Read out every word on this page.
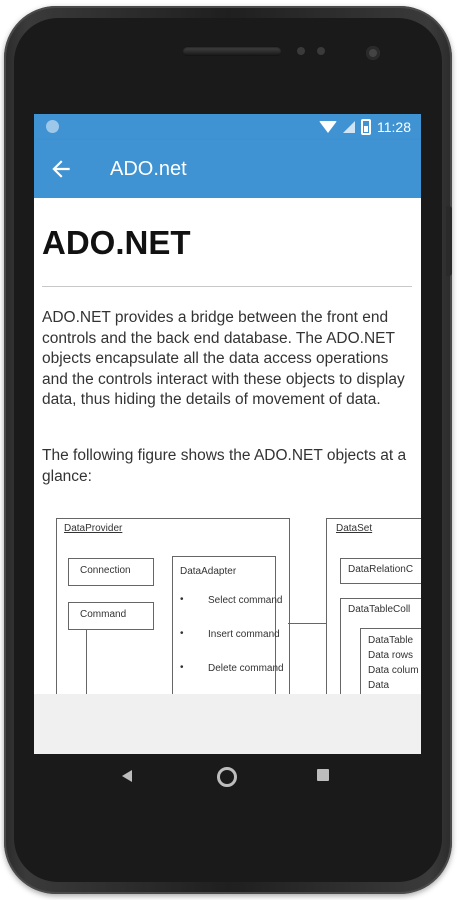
11:28
ADO.net
ADO.NET
ADO.NET provides a bridge between the front end controls and the back end database. The ADO.NET objects encapsulate all the data access operations and the controls interact with these objects to display data, thus hiding the details of movement of data.
The following figure shows the ADO.NET objects at a glance:
DataProvider
Connection
Command
DataAdapter
• Select command
• Insert command
• Delete command
DataSet
DataRelationC
DataTableColl
DataTable
Data rows
Data colum
Data
